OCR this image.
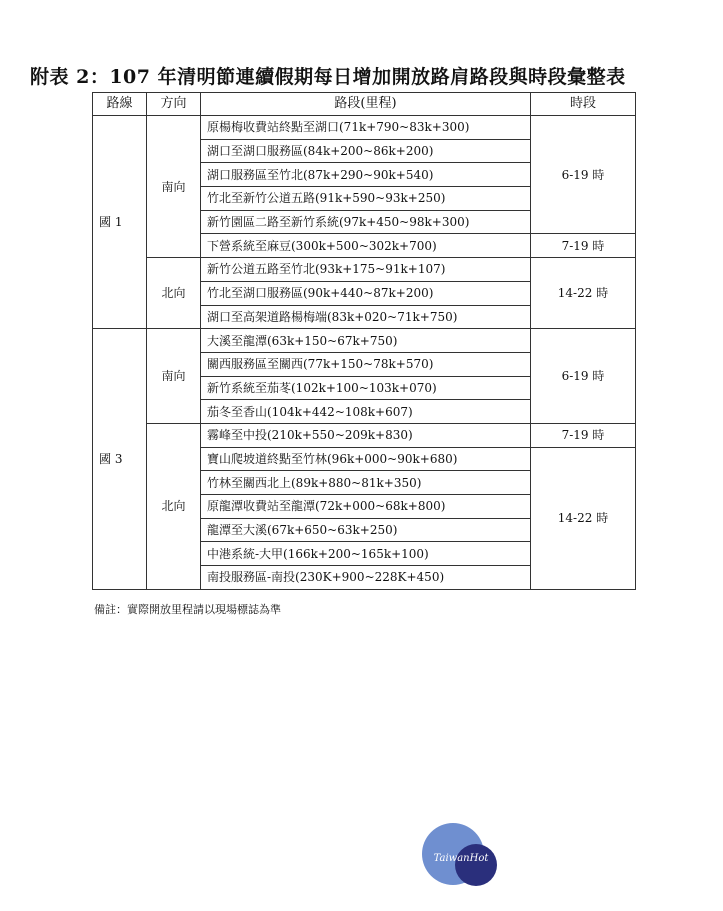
附表 2：107 年清明節連續假期每日增加開放路肩路段與時段彙整表
路線	方向	路段(里程)	時段
國 1	南向	原楊梅收費站終點至湖口(71k+790~83k+300)	6-19 時
		湖口至湖口服務區(84k+200~86k+200)	
		湖口服務區至竹北(87k+290~90k+540)	
		竹北至新竹公道五路(91k+590~93k+250)	
		新竹園區二路至新竹系統(97k+450~98k+300)	
		下營系統至麻豆(300k+500~302k+700)	7-19 時
	北向	新竹公道五路至竹北(93k+175~91k+107)	14-22 時
		竹北至湖口服務區(90k+440~87k+200)	
		湖口至高架道路楊梅端(83k+020~71k+750)	
國 3	南向	大溪至龍潭(63k+150~67k+750)	6-19 時
		關西服務區至關西(77k+150~78k+570)	
		新竹系統至茄苳(102k+100~103k+070)	
		茄冬至香山(104k+442~108k+607)	
	北向	霧峰至中投(210k+550~209k+830)	7-19 時
		寶山爬坡道終點至竹林(96k+000~90k+680)	14-22 時
		竹林至關西北上(89k+880~81k+350)	
		原龍潭收費站至龍潭(72k+000~68k+800)	
		龍潭至大溪(67k+650~63k+250)	
		中港系統-大甲(166k+200~165k+100)	
		南投服務區-南投(230K+900~228K+450)	
備註：實際開放里程請以現場標誌為準
TaiwanHot
